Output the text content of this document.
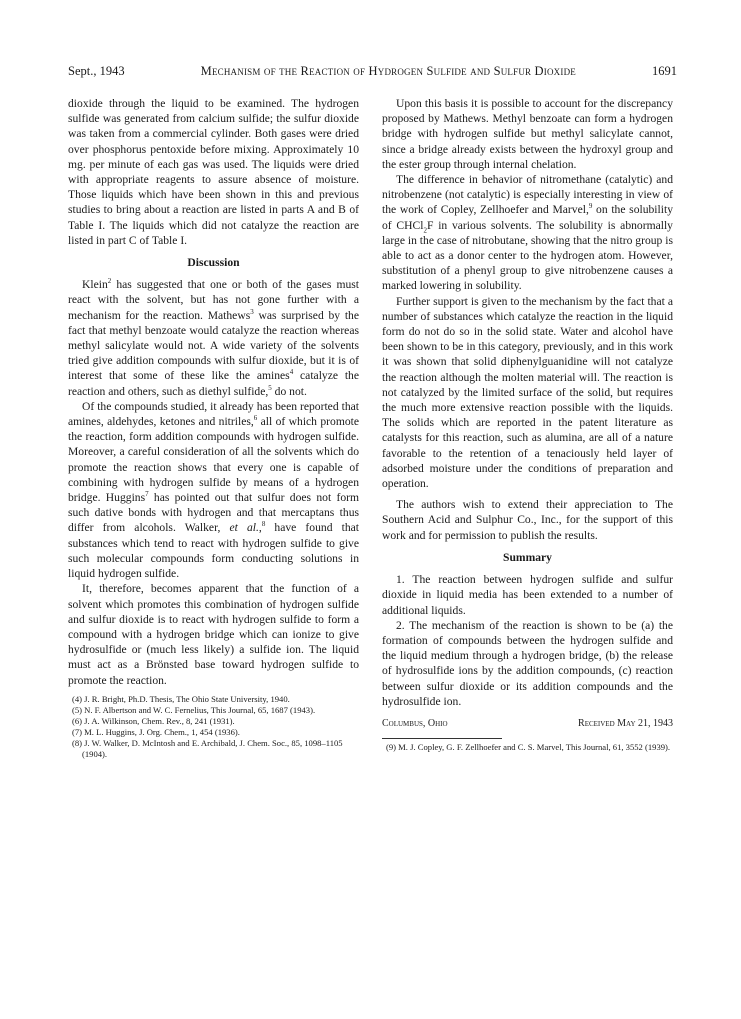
Sept., 1943	Mechanism of the Reaction of Hydrogen Sulfide and Sulfur Dioxide	1691

dioxide through the liquid to be examined. The hydrogen sulfide was generated from calcium sulfide; the sulfur dioxide was taken from a commercial cylinder. Both gases were dried over phosphorus pentoxide before mixing. Approximately 10 mg. per minute of each gas was used. The liquids were dried with appropriate reagents to assure absence of moisture. Those liquids which have been shown in this and previous studies to bring about a reaction are listed in parts A and B of Table I. The liquids which did not catalyze the reaction are listed in part C of Table I.

Discussion

Klein$^2$ has suggested that one or both of the gases must react with the solvent, but has not gone further with a mechanism for the reaction. Mathews$^3$ was surprised by the fact that methyl benzoate would catalyze the reaction whereas methyl salicylate would not. A wide variety of the solvents tried give addition compounds with sulfur dioxide, but it is of interest that some of these like the amines$^4$ catalyze the reaction and others, such as diethyl sulfide,$^5$ do not.

Of the compounds studied, it already has been reported that amines, aldehydes, ketones and nitriles,$^6$ all of which promote the reaction, form addition compounds with hydrogen sulfide. Moreover, a careful consideration of all the solvents which do promote the reaction shows that every one is capable of combining with hydrogen sulfide by means of a hydrogen bridge. Huggins$^7$ has pointed out that sulfur does not form such dative bonds with hydrogen and that mercaptans thus differ from alcohols. Walker, et al.,$^8$ have found that substances which tend to react with hydrogen sulfide to give such molecular compounds form conducting solutions in liquid hydrogen sulfide.

It, therefore, becomes apparent that the function of a solvent which promotes this combination of hydrogen sulfide and sulfur dioxide is to react with hydrogen sulfide to form a compound with a hydrogen bridge which can ionize to give hydrosulfide or (much less likely) a sulfide ion. The liquid must act as a Brönsted base toward hydrogen sulfide to promote the reaction.

(4) J. R. Bright, Ph.D. Thesis, The Ohio State University, 1940.

(5) N. F. Albertson and W. C. Fernelius, This Journal, 65, 1687 (1943).

(6) J. A. Wilkinson, Chem. Rev., 8, 241 (1931).

(7) M. L. Huggins, J. Org. Chem., 1, 454 (1936).

(8) J. W. Walker, D. McIntosh and E. Archibald, J. Chem. Soc., 85, 1098–1105 (1904).

Upon this basis it is possible to account for the discrepancy proposed by Mathews. Methyl benzoate can form a hydrogen bridge with hydrogen sulfide but methyl salicylate cannot, since a bridge already exists between the hydroxyl group and the ester group through internal chelation.

The difference in behavior of nitromethane (catalytic) and nitrobenzene (not catalytic) is especially interesting in view of the work of Copley, Zellhoefer and Marvel,$^9$ on the solubility of CHCl$_2$F in various solvents. The solubility is abnormally large in the case of nitrobutane, showing that the nitro group is able to act as a donor center to the hydrogen atom. However, substitution of a phenyl group to give nitrobenzene causes a marked lowering in solubility.

Further support is given to the mechanism by the fact that a number of substances which catalyze the reaction in the liquid form do not do so in the solid state. Water and alcohol have been shown to be in this category, previously, and in this work it was shown that solid diphenylguanidine will not catalyze the reaction although the molten material will. The reaction is not catalyzed by the limited surface of the solid, but requires the much more extensive reaction possible with the liquids. The solids which are reported in the patent literature as catalysts for this reaction, such as alumina, are all of a nature favorable to the retention of a tenaciously held layer of adsorbed moisture under the conditions of preparation and operation.

The authors wish to extend their appreciation to The Southern Acid and Sulphur Co., Inc., for the support of this work and for permission to publish the results.

Summary

1. The reaction between hydrogen sulfide and sulfur dioxide in liquid media has been extended to a number of additional liquids.

2. The mechanism of the reaction is shown to be (a) the formation of compounds between the hydrogen sulfide and the liquid medium through a hydrogen bridge, (b) the release of hydrosulfide ions by the addition compounds, (c) reaction between sulfur dioxide or its addition compounds and the hydrosulfide ion.

Columbus, Ohio	Received May 21, 1943

(9) M. J. Copley, G. F. Zellhoefer and C. S. Marvel, This Journal, 61, 3552 (1939).
